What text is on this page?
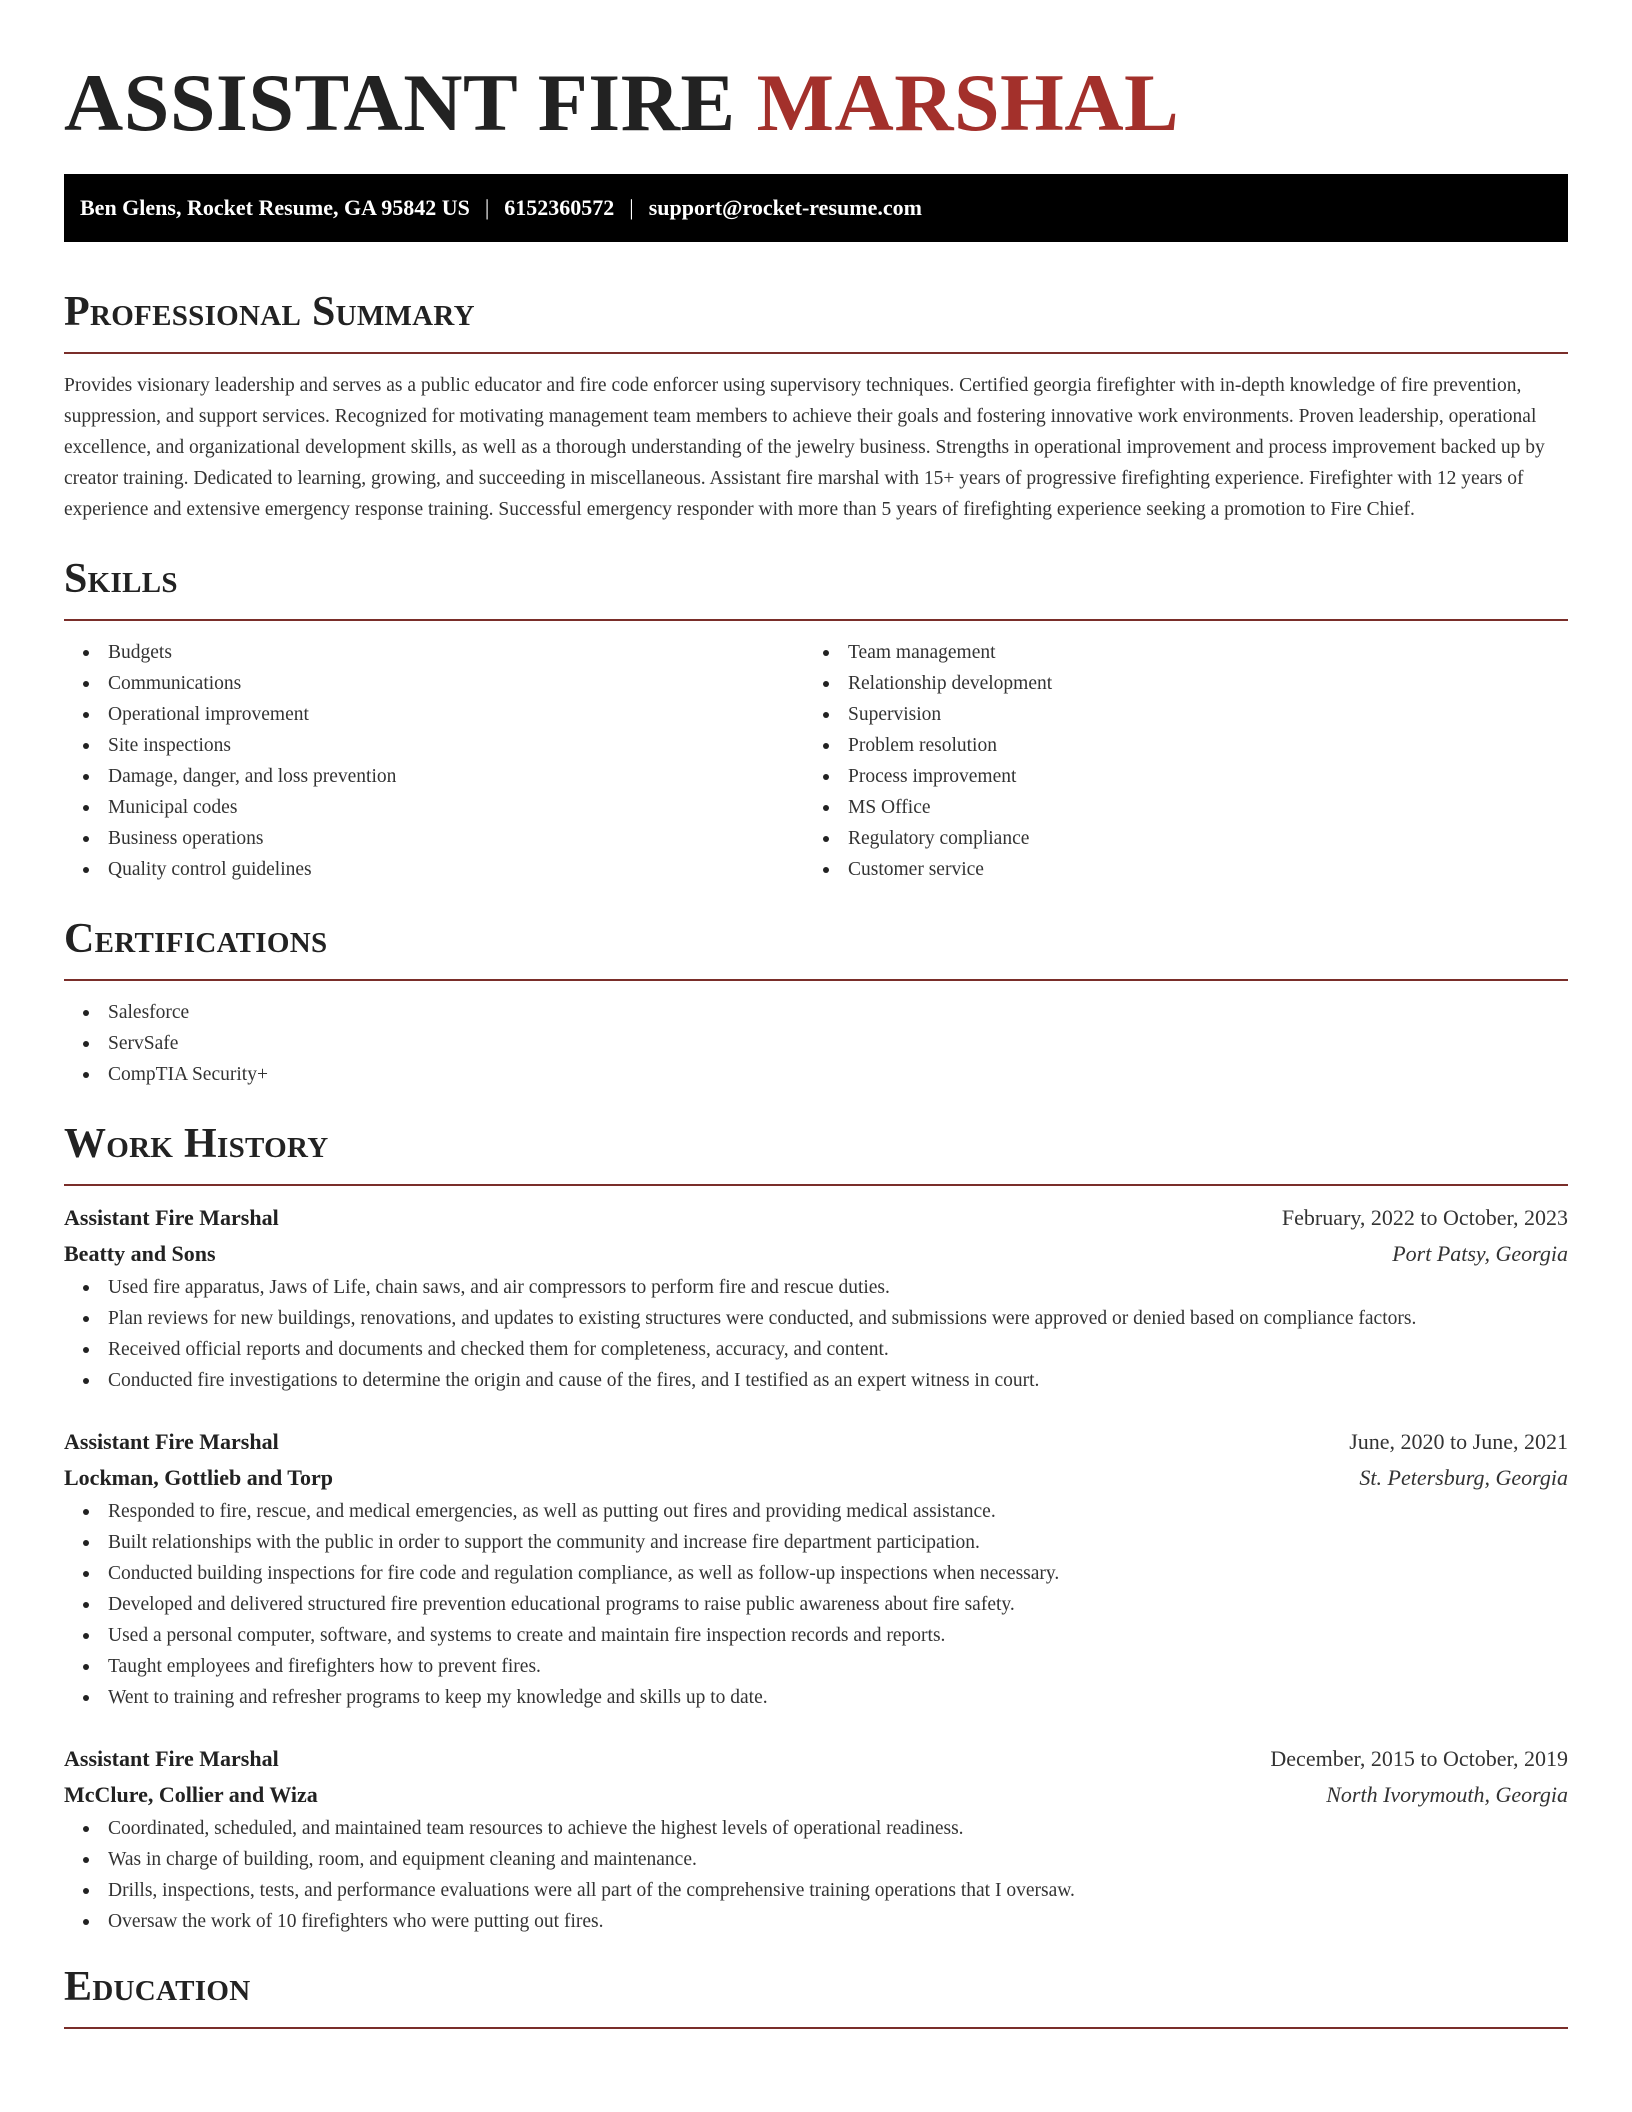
ASSISTANT FIRE MARSHAL
Ben Glens, Rocket Resume, GA 95842 US | 6152360572 | support@rocket-resume.com
Professional Summary

Provides visionary leadership and serves as a public educator and fire code enforcer using supervisory techniques. Certified georgia firefighter with in-depth knowledge of fire prevention, suppression, and support services. Recognized for motivating management team members to achieve their goals and fostering innovative work environments. Proven leadership, operational excellence, and organizational development skills, as well as a thorough understanding of the jewelry business. Strengths in operational improvement and process improvement backed up by creator training. Dedicated to learning, growing, and succeeding in miscellaneous. Assistant fire marshal with 15+ years of progressive firefighting experience. Firefighter with 12 years of experience and extensive emergency response training. Successful emergency responder with more than 5 years of firefighting experience seeking a promotion to Fire Chief.

Skills
Budgets
Communications
Operational improvement
Site inspections
Damage, danger, and loss prevention
Municipal codes
Business operations
Quality control guidelines
Team management
Relationship development
Supervision
Problem resolution
Process improvement
MS Office
Regulatory compliance
Customer service
Certifications
Salesforce
ServSafe
CompTIA Security+
Work History
Assistant Fire Marshal	February, 2022 to October, 2023
Beatty and Sons	Port Patsy, Georgia
Used fire apparatus, Jaws of Life, chain saws, and air compressors to perform fire and rescue duties.
Plan reviews for new buildings, renovations, and updates to existing structures were conducted, and submissions were approved or denied based on compliance factors.
Received official reports and documents and checked them for completeness, accuracy, and content.
Conducted fire investigations to determine the origin and cause of the fires, and I testified as an expert witness in court.
Assistant Fire Marshal	June, 2020 to June, 2021
Lockman, Gottlieb and Torp	St. Petersburg, Georgia
Responded to fire, rescue, and medical emergencies, as well as putting out fires and providing medical assistance.
Built relationships with the public in order to support the community and increase fire department participation.
Conducted building inspections for fire code and regulation compliance, as well as follow-up inspections when necessary.
Developed and delivered structured fire prevention educational programs to raise public awareness about fire safety.
Used a personal computer, software, and systems to create and maintain fire inspection records and reports.
Taught employees and firefighters how to prevent fires.
Went to training and refresher programs to keep my knowledge and skills up to date.
Assistant Fire Marshal	December, 2015 to October, 2019
McClure, Collier and Wiza	North Ivorymouth, Georgia
Coordinated, scheduled, and maintained team resources to achieve the highest levels of operational readiness.
Was in charge of building, room, and equipment cleaning and maintenance.
Drills, inspections, tests, and performance evaluations were all part of the comprehensive training operations that I oversaw.
Oversaw the work of 10 firefighters who were putting out fires.
Education
